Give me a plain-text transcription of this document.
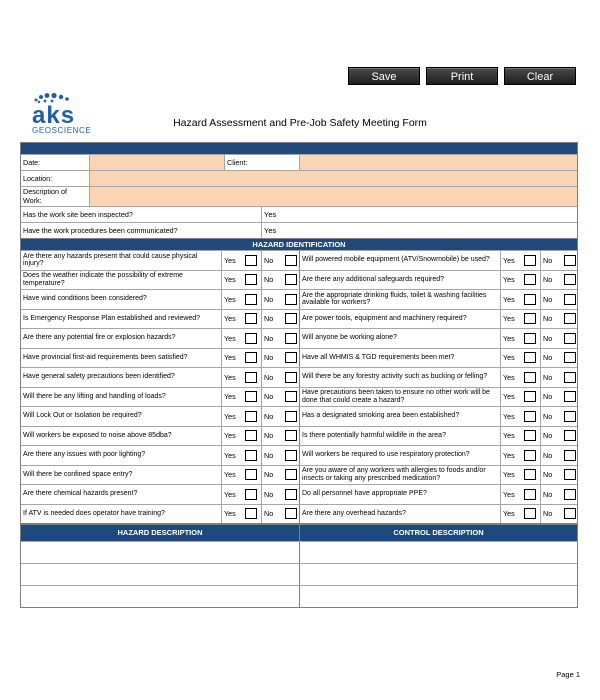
Save	Print	Clear
aks
GEOSCIENCE
Hazard Assessment and Pre-Job Safety Meeting Form
Date:	Client:
Location:
Description of Work:
Has the work site been inspected?	Yes
Have the work procedures been communicated?	Yes
HAZARD IDENTIFICATION
Are there any hazards present that could cause physical injury?	Yes	No	Will powered mobile equipment (ATV/Snowmobile) be used?	Yes	No
Does the weather indicate the possibility of extreme temperature?	Yes	No	Are there any additional safeguards required?	Yes	No
Have wind conditions been considered?	Yes	No	Are the appropriate drinking fluids, toilet & washing facilities available for workers?	Yes	No
Is Emergency Response Plan established and reviewed?	Yes	No	Are power tools, equipment and machinery required?	Yes	No
Are there any potential fire or explosion hazards?	Yes	No	Will anyone be working alone?	Yes	No
Have provincial first-aid requirements been satisfied?	Yes	No	Have all WHMIS & TGD requirements been met?	Yes	No
Have general safety precautions been identified?	Yes	No	Will there be any forestry activity such as bucking or felling?	Yes	No
Will there be any lifting and handling of loads?	Yes	No	Have precautions been taken to ensure no other work will be done that could create a hazard?	Yes	No
Will Lock Out or Isolation be required?	Yes	No	Has a designated smoking area been established?	Yes	No
Will workers be exposed to noise above 85dba?	Yes	No	Is there potentially harmful wildlife in the area?	Yes	No
Are there any issues with poor lighting?	Yes	No	Will workers be required to use respiratory protection?	Yes	No
Will there be confined space entry?	Yes	No	Are you aware of any workers with allergies to foods and/or insects or taking any prescribed medication?	Yes	No
Are there chemical hazards present?	Yes	No	Do all personnel have appropriate PPE?	Yes	No
If ATV is needed does operator have training?	Yes	No	Are there any overhead hazards?	Yes	No
HAZARD DESCRIPTION	CONTROL DESCRIPTION
Page 1
